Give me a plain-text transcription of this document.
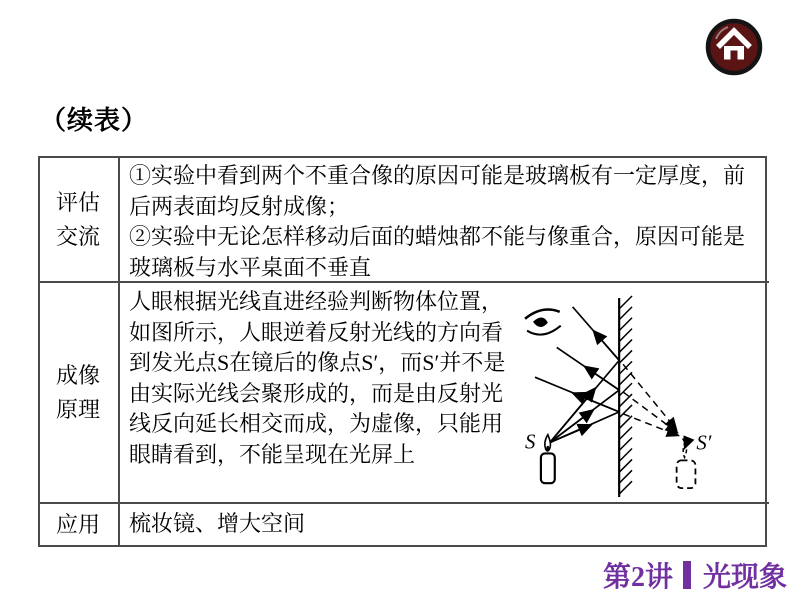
（续表）
评估交流
①实验中看到两个不重合像的原因可能是玻璃板有一定厚度，前后两表面均反射成像；
②实验中无论怎样移动后面的蜡烛都不能与像重合，原因可能是玻璃板与水平桌面不垂直
成像原理
人眼根据光线直进经验判断物体位置，如图所示，人眼逆着反射光线的方向看到发光点S在镜后的像点S′，而S′并不是由实际光线会聚形成的，而是由反射光线反向延长相交而成，为虚像，只能用眼睛看到，不能呈现在光屏上	S	S′
应用 梳妆镜、增大空间
第2讲 光现象
